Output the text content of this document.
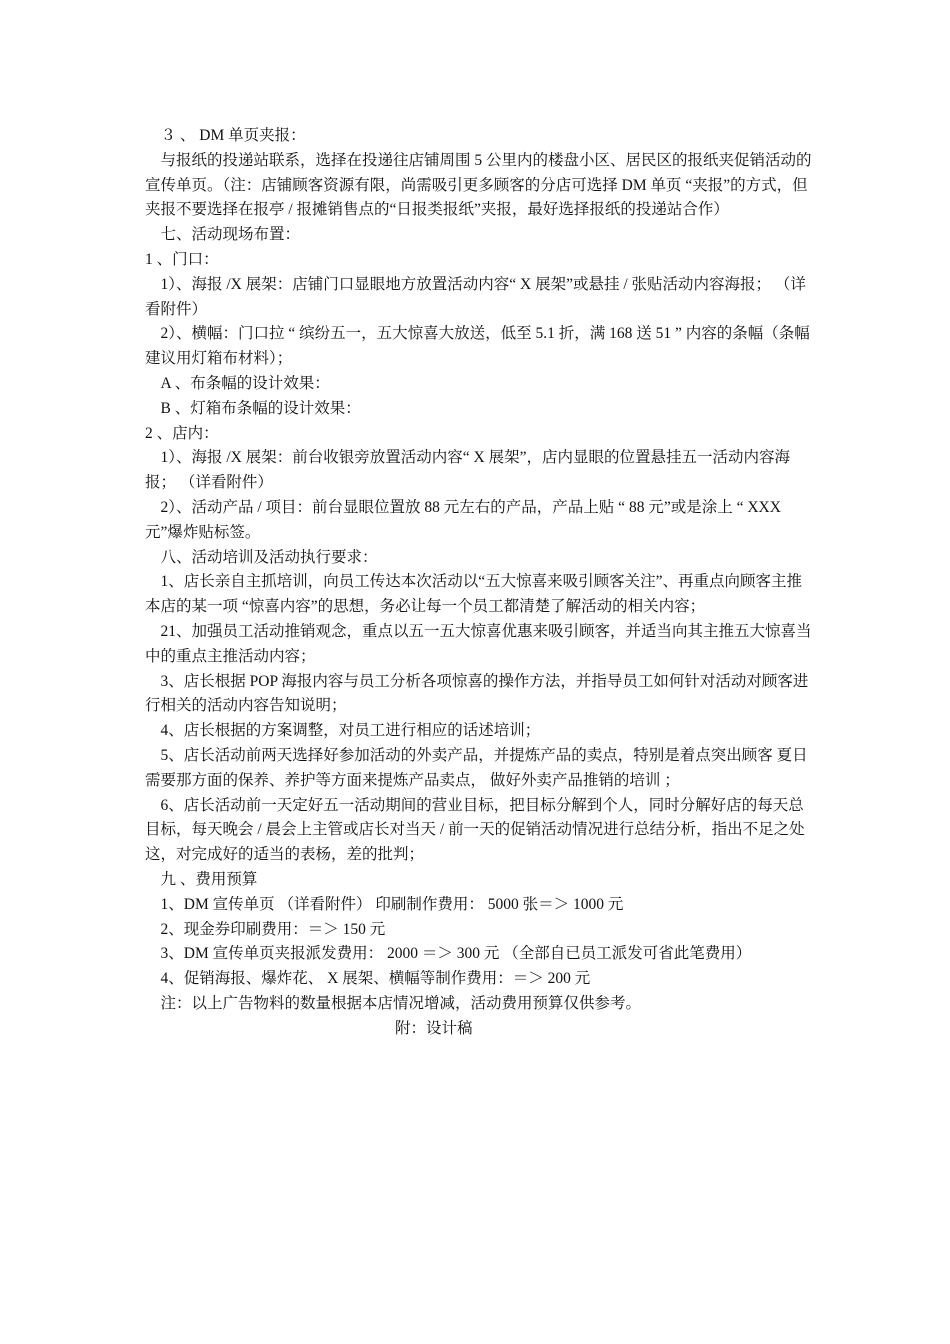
　３ 、 DM 单页夹报：

　与报纸的投递站联系，选择在投递往店铺周围 5 公里内的楼盘小区、居民区的报纸夹促销活动的宣传单页。（注：店铺顾客资源有限，尚需吸引更多顾客的分店可选择 DM 单页 “夹报”的方式，但夹报不要选择在报亭 / 报摊销售点的“日报类报纸”夹报，最好选择报纸的投递站合作）

　七、活动现场布置：

1 、门口：

　1）、海报 /X 展架：店铺门口显眼地方放置活动内容“ X 展架”或悬挂 / 张贴活动内容海报； （详看附件）

　2）、横幅：门口拉 “ 缤纷五一，五大惊喜大放送，低至 5.1 折，满 168 送 51 ” 内容的条幅（条幅建议用灯箱布材料）；

　A 、布条幅的设计效果：

　B 、灯箱布条幅的设计效果：

2 、店内：

　1）、海报 /X 展架：前台收银旁放置活动内容“ X 展架”，店内显眼的位置悬挂五一活动内容海报； （详看附件）

　2）、活动产品 / 项目：前台显眼位置放 88 元左右的产品，产品上贴 “ 88 元”或是涂上 “ XXX 元”爆炸贴标签。

　八、活动培训及活动执行要求：

　1、店长亲自主抓培训，向员工传达本次活动以“五大惊喜来吸引顾客关注”、再重点向顾客主推本店的某一项 “惊喜内容”的思想，务必让每一个员工都清楚了解活动的相关内容；

　21、加强员工活动推销观念，重点以五一五大惊喜优惠来吸引顾客，并适当向其主推五大惊喜当中的重点主推活动内容；

　3、店长根据 POP 海报内容与员工分析各项惊喜的操作方法，并指导员工如何针对活动对顾客进行相关的活动内容告知说明；

　4、店长根据的方案调整，对员工进行相应的话述培训；

　5、店长活动前两天选择好参加活动的外卖产品，并提炼产品的卖点，特别是着点突出顾客 夏日需要那方面的保养、养护等方面来提炼产品卖点， 做好外卖产品推销的培训 ；

　6、店长活动前一天定好五一活动期间的营业目标，把目标分解到个人，同时分解好店的每天总目标，每天晚会 / 晨会上主管或店长对当天 / 前一天的促销活动情况进行总结分析，指出不足之处这，对完成好的适当的表杨，差的批判；

　九 、费用预算

　1、DM 宣传单页 （详看附件） 印刷制作费用： 5000 张＝＞ 1000 元

　2、现金券印刷费用：＝＞ 150 元

　3、DM 宣传单页夹报派发费用： 2000 ＝＞ 300 元 （全部自已员工派发可省此笔费用）

　4、促销海报、爆炸花、 X 展架、横幅等制作费用：＝＞ 200 元

　注：以上广告物料的数量根据本店情况增减，活动费用预算仅供参考。

附：设计稿
